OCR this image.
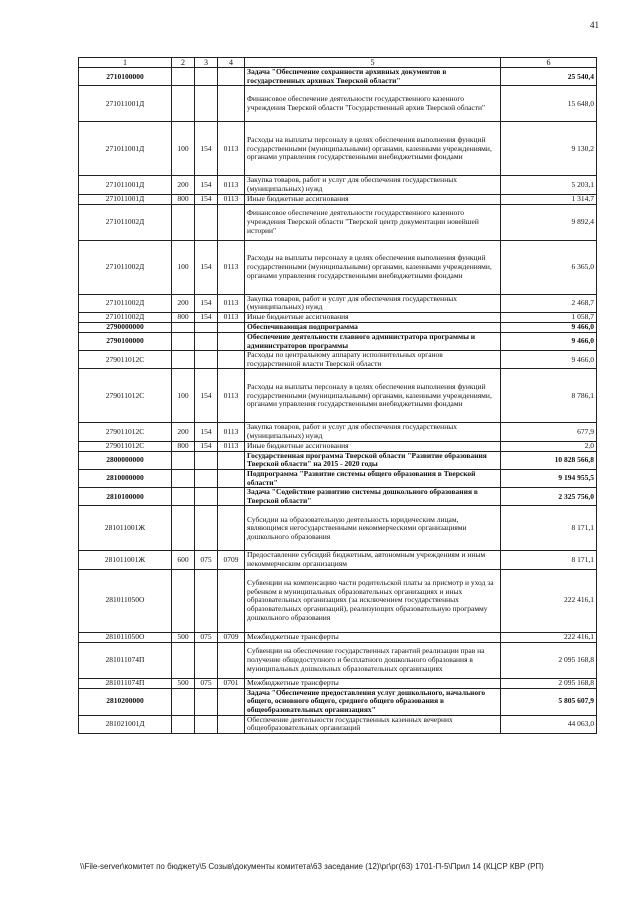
41
1	2	3	4	5	6
2710100000				Задача "Обеспечение сохранности архивных документов в государственных архивах Тверской области"	25 540,4
271011001Д				Финансовое обеспечение деятельности государственного казенного учреждения Тверской области "Государственный архив Тверской области"	15 648,0
271011001Д	100	154	0113	Расходы на выплаты персоналу в целях обеспечения выполнения функций государственными (муниципальными) органами, казенными учреждениями, органами управления государственными внебюджетными фондами	9 130,2
271011001Д	200	154	0113	Закупка товаров, работ и услуг для обеспечения государственных (муниципальных) нужд	5 203,1
271011001Д	800	154	0113	Иные бюджетные ассигнования	1 314,7
271011002Д				Финансовое обеспечение деятельности государственного казенного учреждения Тверской области "Тверской центр документации новейшей истории"	9 892,4
271011002Д	100	154	0113	Расходы на выплаты персоналу в целях обеспечения выполнения функций государственными (муниципальными) органами, казенными учреждениями, органами управления государственными внебюджетными фондами	6 365,0
271011002Д	200	154	0113	Закупка товаров, работ и услуг для обеспечения государственных (муниципальных) нужд	2 468,7
271011002Д	800	154	0113	Иные бюджетные ассигнования	1 058,7
2790000000				Обеспечивающая подпрограмма	9 466,0
2790100000				Обеспечение деятельности главного администратора программы и администраторов программы	9 466,0
279011012С				Расходы по центральному аппарату исполнительных органов государственной власти Тверской области	9 466,0
279011012С	100	154	0113	Расходы на выплаты персоналу в целях обеспечения выполнения функций государственными (муниципальными) органами, казенными учреждениями, органами управления государственными внебюджетными фондами	8 786,1
279011012С	200	154	0113	Закупка товаров, работ и услуг для обеспечения государственных (муниципальных) нужд	677,9
279011012С	800	154	0113	Иные бюджетные ассигнования	2,0
2800000000				Государственная программа Тверской области "Развитие образования Тверской области" на 2015 - 2020 годы	10 828 566,8
2810000000				Подпрограмма "Развитие системы общего образования в Тверской области"	9 194 955,5
2810100000				Задача "Содействие развитию системы дошкольного образования в Тверской области"	2 325 756,0
281011001Ж				Субсидии на образовательную деятельность юридическим лицам, являющимся негосударственными некоммерческими организациями дошкольного образования	8 171,1
281011001Ж	600	075	0709	Предоставление субсидий бюджетным, автономным учреждениям и иным некоммерческим организациям	8 171,1
281011050О				Субвенции на компенсацию части родительской платы за присмотр и уход за ребенком в муниципальных образовательных организациях и иных образовательных организациях (за исключением государственных образовательных организаций), реализующих образовательную программу дошкольного образования	222 416,1
281011050О	500	075	0709	Межбюджетные трансферты	222 416,1
281011074П				Субвенции на обеспечение государственных гарантий реализации прав на получение общедоступного и бесплатного дошкольного образования в муниципальных дошкольных образовательных организациях	2 095 168,8
281011074П	500	075	0701	Межбюджетные трансферты	2 095 168,8
2810200000				Задача "Обеспечение предоставления услуг дошкольного, начального общего, основного общего, среднего общего образования в общеобразовательных организациях"	5 805 607,9
281021001Д				Обеспечение деятельности государственных казенных вечерних общеобразовательных организаций	44 063,0
\\File-server\комитет по бюджету\5 Созыв\документы комитета\63 заседание (12)\рг\рг(63) 1701-П-5\Прил 14 (КЦСР КВР (РП)
